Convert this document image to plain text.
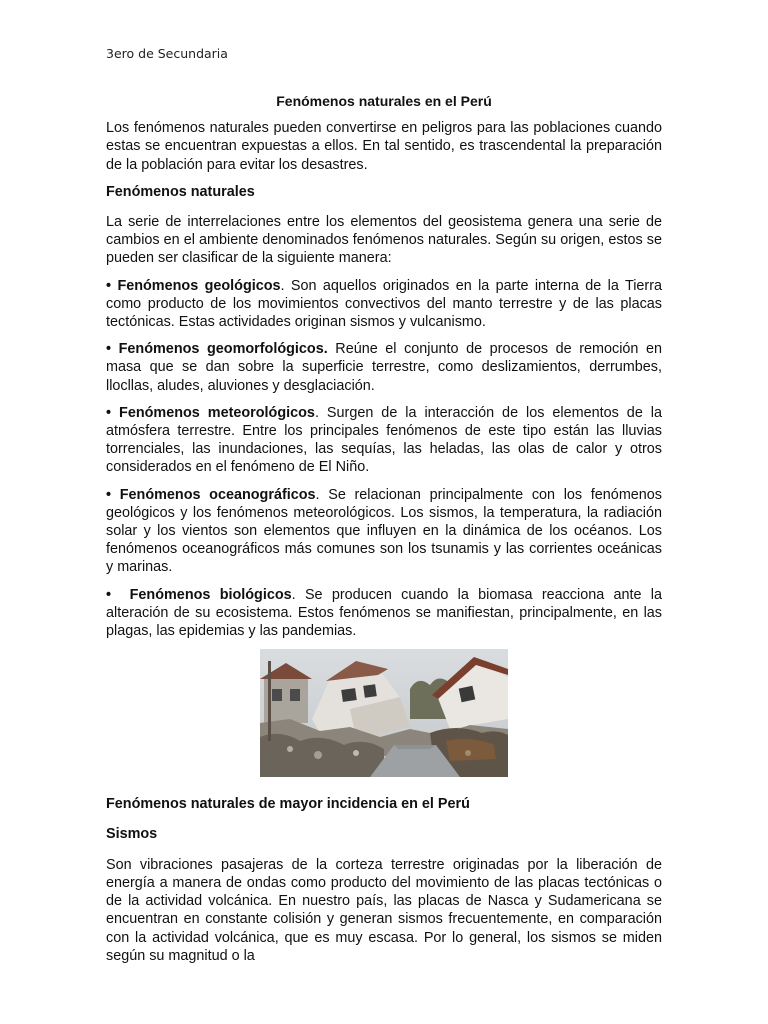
3ero de Secundaria
Fenómenos naturales en el Perú

Los fenómenos naturales pueden convertirse en peligros para las poblaciones cuando estas se encuentran expuestas a ellos. En tal sentido, es trascendental la preparación de la población para evitar los desastres.

Fenómenos naturales

La serie de interrelaciones entre los elementos del geosistema genera una serie de cambios en el ambiente denominados fenómenos naturales. Según su origen, estos se pueden ser clasificar de la siguiente manera:

• Fenómenos geológicos. Son aquellos originados en la parte interna de la Tierra como producto de los movimientos convectivos del manto terrestre y de las placas tectónicas. Estas actividades originan sismos y vulcanismo.

• Fenómenos geomorfológicos. Reúne el conjunto de procesos de remoción en masa que se dan sobre la superficie terrestre, como deslizamientos, derrumbes, llocllas, aludes, aluviones y desglaciación.

• Fenómenos meteorológicos. Surgen de la interacción de los elementos de la atmósfera terrestre. Entre los principales fenómenos de este tipo están las lluvias torrenciales, las inundaciones, las sequías, las heladas, las olas de calor y otros considerados en el fenómeno de El Niño.

• Fenómenos oceanográficos. Se relacionan principalmente con los fenómenos geológicos y los fenómenos meteorológicos. Los sismos, la temperatura, la radiación solar y los vientos son elementos que influyen en la dinámica de los océanos. Los fenómenos oceanográficos más comunes son los tsunamis y las corrientes oceánicas y marinas.

• Fenómenos biológicos. Se producen cuando la biomasa reacciona ante la alteración de su ecosistema. Estos fenómenos se manifiestan, principalmente, en las plagas, las epidemias y las pandemias.

Fenómenos naturales de mayor incidencia en el Perú
Sismos

Son vibraciones pasajeras de la corteza terrestre originadas por la liberación de energía a manera de ondas como producto del movimiento de las placas tectónicas o de la actividad volcánica. En nuestro país, las placas de Nasca y Sudamericana se encuentran en constante colisión y generan sismos frecuentemente, en comparación con la actividad volcánica, que es muy escasa. Por lo general, los sismos se miden según su magnitud o la
